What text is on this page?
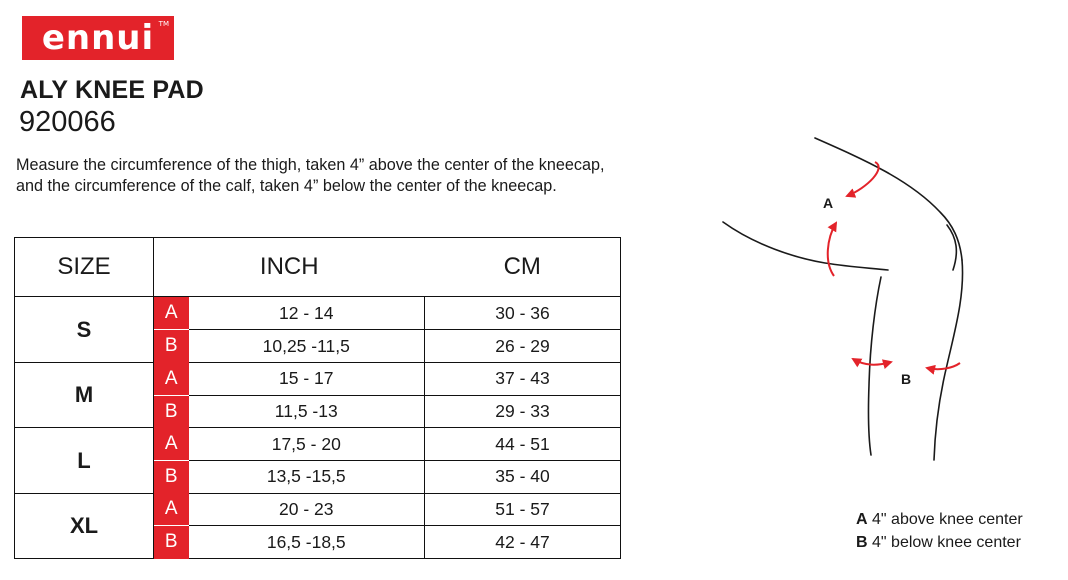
ennui TM
ALY KNEE PAD
920066
Measure the circumference of the thigh, taken 4” above the center of the kneecap, and the circumference of the calf, taken 4” below the center of the kneecap.
SIZE	INCH		CM
S	A	12 - 14	30 - 36
	B	10,25 -11,5	26 - 29
M	A	15 - 17	37 - 43
	B	11,5 -13	29 - 33
L	A	17,5 - 20	44 - 51
	B	13,5 -15,5	35 - 40
XL	A	20 - 23	51 - 57
	B	16,5 -18,5	42 - 47
A
B
A 4" above knee center
B 4" below knee center
